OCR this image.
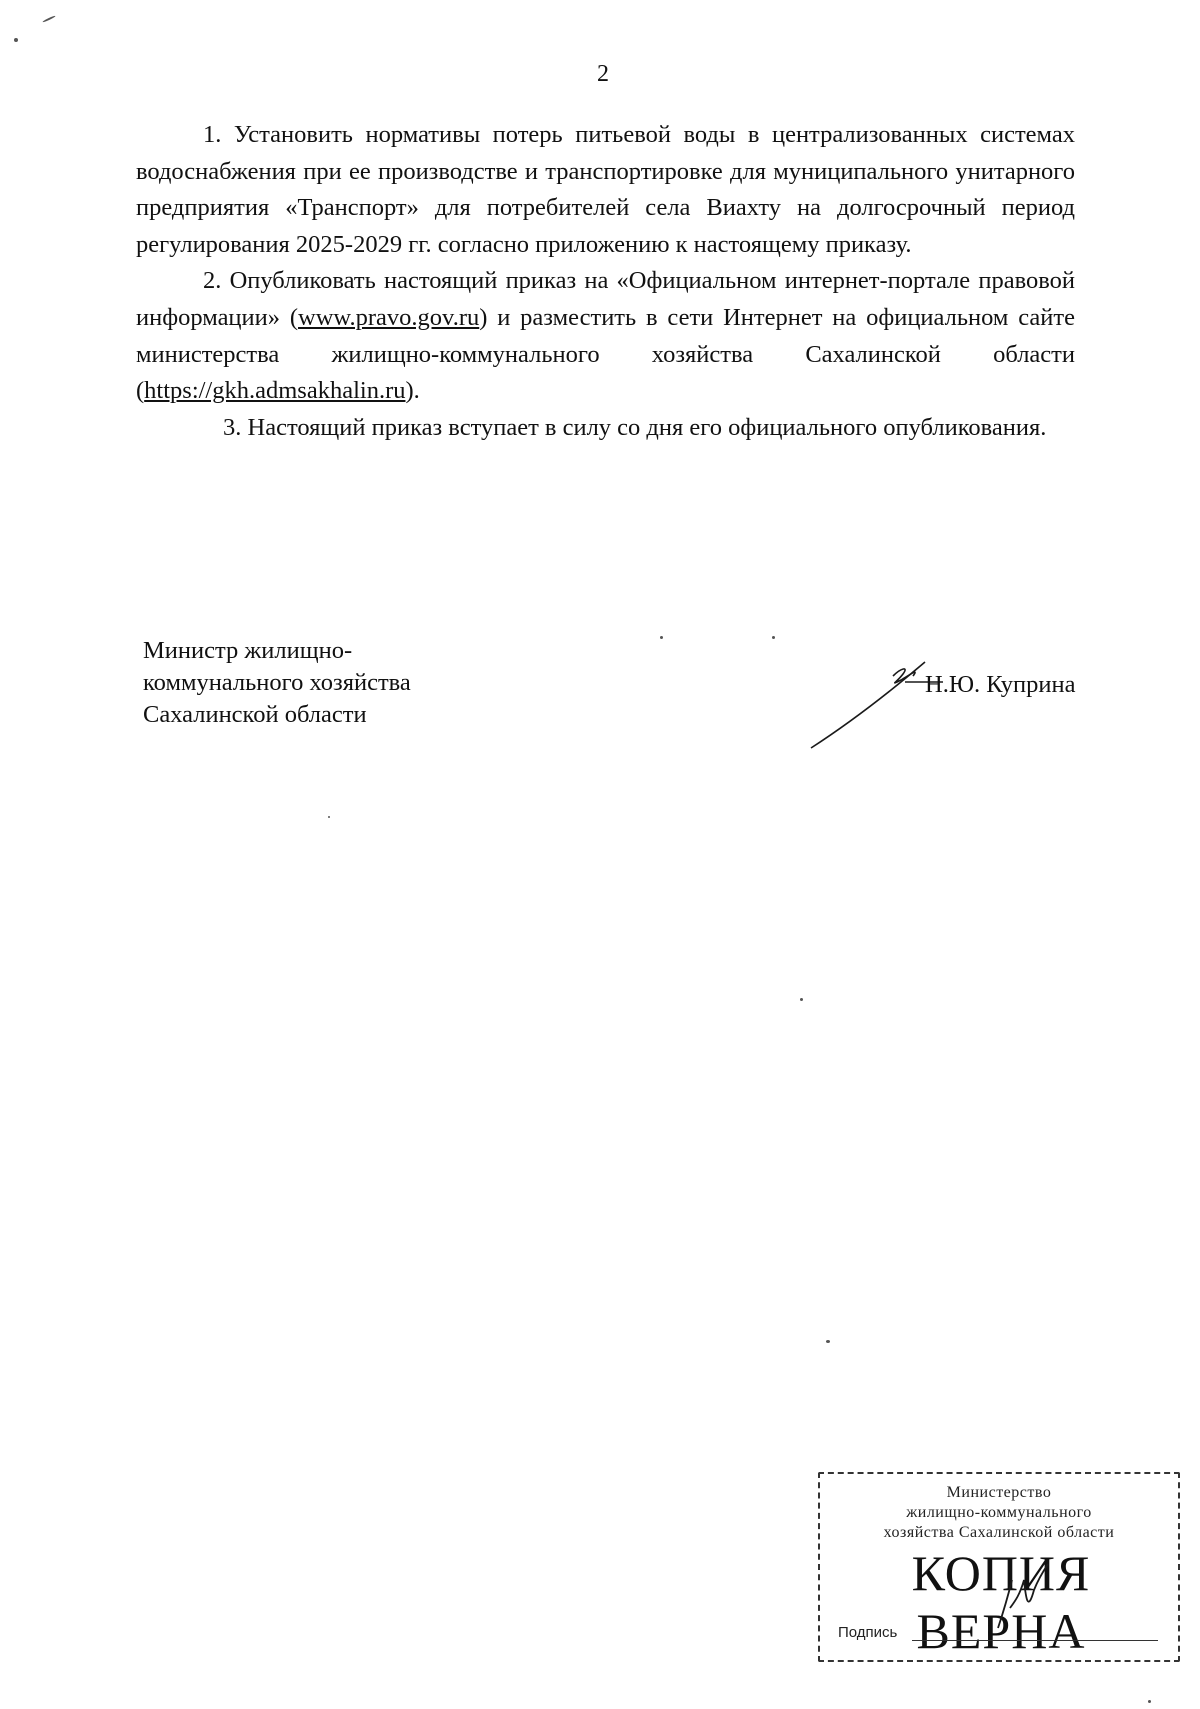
2

1. Установить нормативы потерь питьевой воды в централизованных системах водоснабжения при ее производстве и транспортировке для муниципального унитарного предприятия «Транспорт» для потребителей села Виахту на долгосрочный период регулирования 2025-2029 гг. согласно приложению к настоящему приказу.

2. Опубликовать настоящий приказ на «Официальном интернет-портале правовой информации» (www.pravo.gov.ru) и разместить в сети Интернет на официальном сайте министерства жилищно-коммунального хозяйства Сахалинской области (https://gkh.admsakhalin.ru).

3. Настоящий приказ вступает в силу со дня его официального опубликования.

Министр жилищно-
коммунального хозяйства
Сахалинской области
Н.Ю. Куприна
Министерство
жилищно-коммунального
хозяйства Сахалинской области
КОПИЯ ВЕРНА
Подпись
